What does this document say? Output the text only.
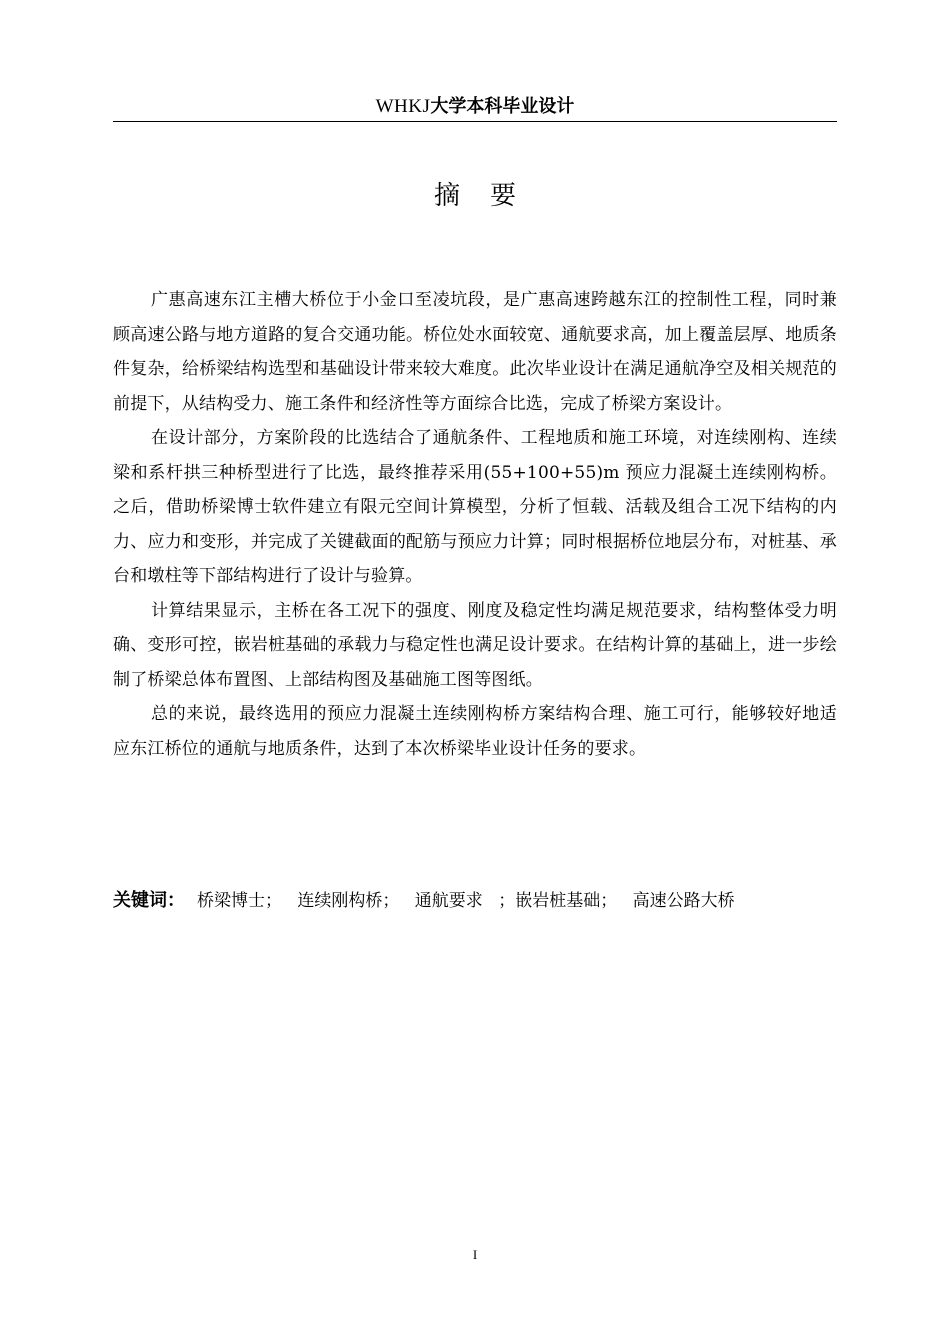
WHKJ大学本科毕业设计
摘要

广惠高速东江主槽大桥位于小金口至凌坑段，是广惠高速跨越东江的控制性工程，同时兼顾高速公路与地方道路的复合交通功能。桥位处水面较宽、通航要求高，加上覆盖层厚、地质条件复杂，给桥梁结构选型和基础设计带来较大难度。此次毕业设计在满足通航净空及相关规范的前提下，从结构受力、施工条件和经济性等方面综合比选，完成了桥梁方案设计。

在设计部分，方案阶段的比选结合了通航条件、工程地质和施工环境，对连续刚构、连续梁和系杆拱三种桥型进行了比选，最终推荐采用(55+100+55)m 预应力混凝土连续刚构桥。之后，借助桥梁博士软件建立有限元空间计算模型，分析了恒载、活载及组合工况下结构的内力、应力和变形，并完成了关键截面的配筋与预应力计算；同时根据桥位地层分布，对桩基、承台和墩柱等下部结构进行了设计与验算。

计算结果显示，主桥在各工况下的强度、刚度及稳定性均满足规范要求，结构整体受力明确、变形可控，嵌岩桩基础的承载力与稳定性也满足设计要求。在结构计算的基础上，进一步绘制了桥梁总体布置图、上部结构图及基础施工图等图纸。

总的来说，最终选用的预应力混凝土连续刚构桥方案结构合理、施工可行，能够较好地适应东江桥位的通航与地质条件，达到了本次桥梁毕业设计任务的要求。

关键词： 桥梁博士； 连续刚构桥； 通航要求 ；嵌岩桩基础； 高速公路大桥
I
